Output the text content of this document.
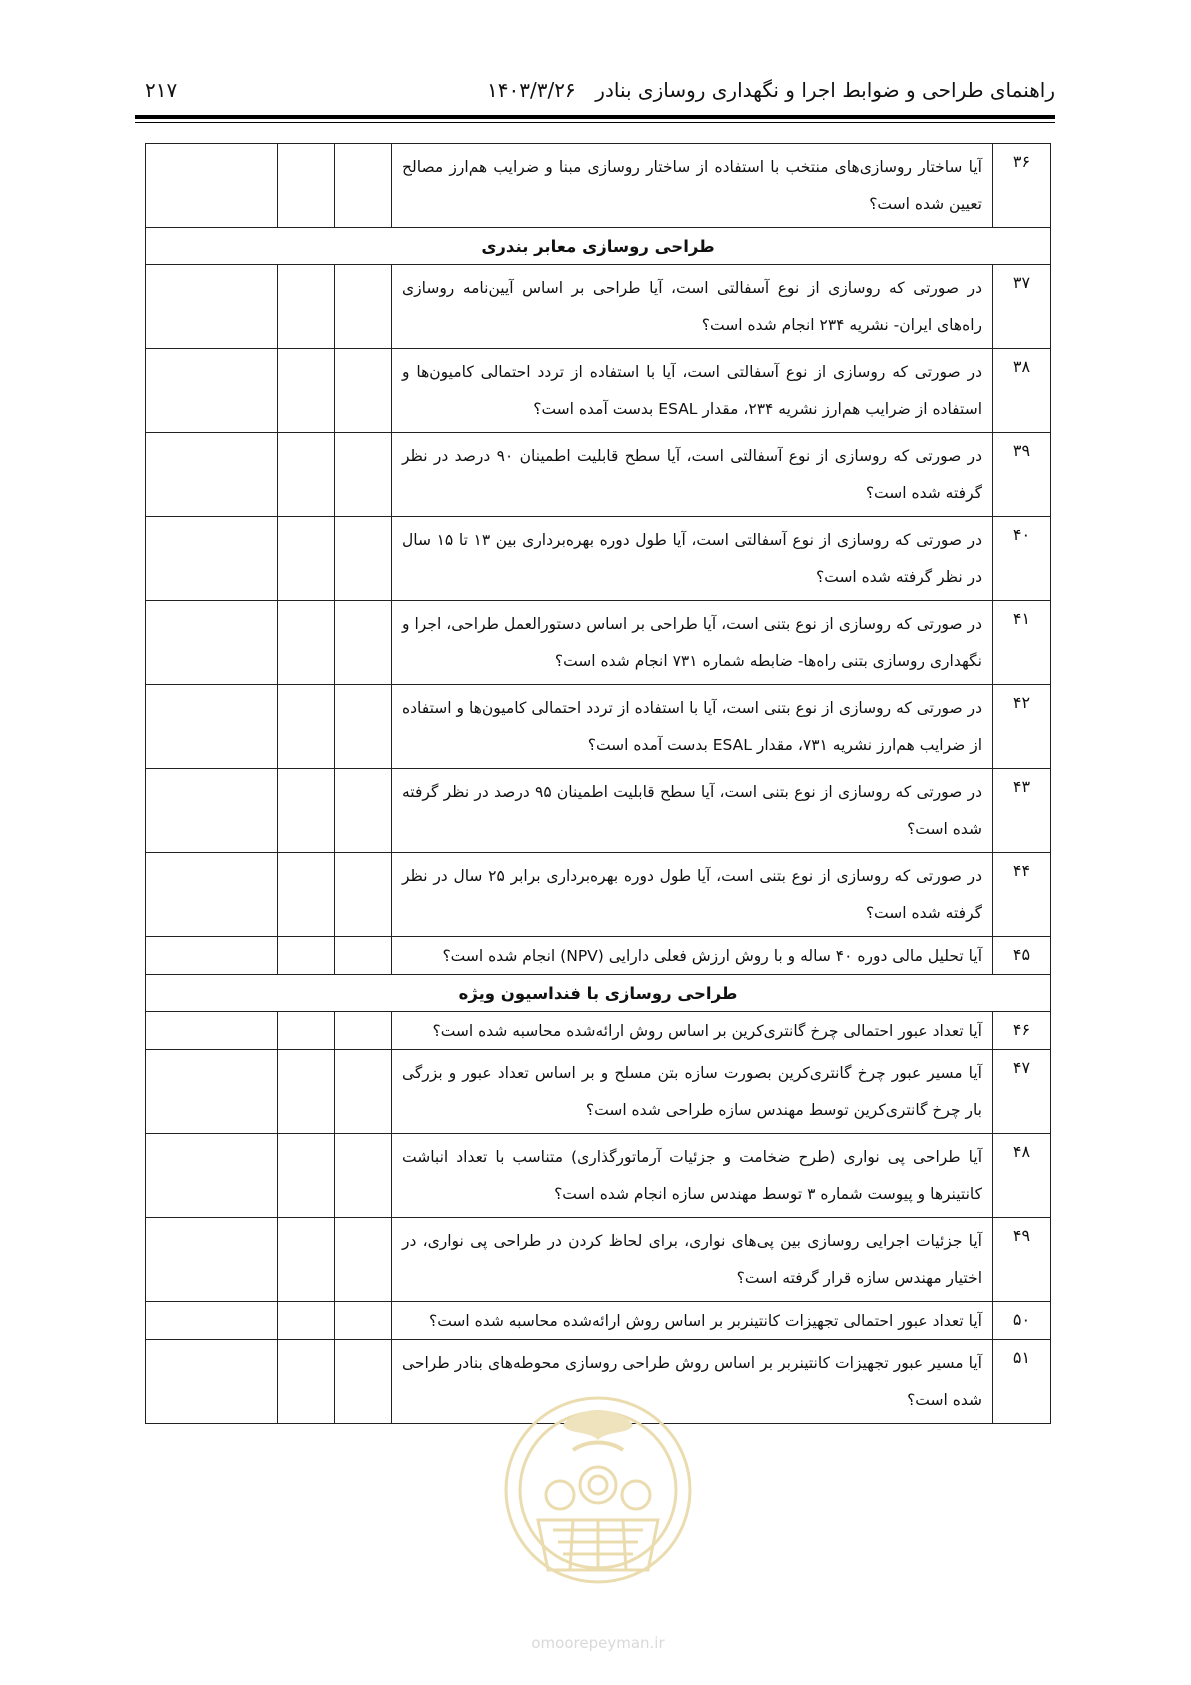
راهنمای طراحی و ضوابط اجرا و نگهداری روسازی بنادر
۱۴۰۳/۳/۲۶
۲۱۷
۳۶	آیا ساختار روسازی‌های منتخب با استفاده از ساختار روسازی مبنا و ضرایب هم‌ارز مصالح تعیین شده است؟			
طراحی روسازی معابر بندری				
۳۷	در صورتی که روسازی از نوع آسفالتی است، آیا طراحی بر اساس آیین‌نامه روسازی راه‌های ایران- نشریه ۲۳۴ انجام شده است؟			
۳۸	در صورتی که روسازی از نوع آسفالتی است، آیا با استفاده از تردد احتمالی کامیون‌ها و استفاده از ضرایب هم‌ارز نشریه ۲۳۴، مقدار ESAL بدست آمده است؟			
۳۹	در صورتی که روسازی از نوع آسفالتی است، آیا سطح قابلیت اطمینان ۹۰ درصد در نظر گرفته شده است؟			
۴۰	در صورتی که روسازی از نوع آسفالتی است، آیا طول دوره بهره‌برداری بین ۱۳ تا ۱۵ سال در نظر گرفته شده است؟			
۴۱	در صورتی که روسازی از نوع بتنی است، آیا طراحی بر اساس دستورالعمل طراحی، اجرا و نگهداری روسازی بتنی راه‌ها- ضابطه شماره ۷۳۱ انجام شده است؟			
۴۲	در صورتی که روسازی از نوع بتنی است، آیا با استفاده از تردد احتمالی کامیون‌ها و استفاده از ضرایب هم‌ارز نشریه ۷۳۱، مقدار ESAL بدست آمده است؟			
۴۳	در صورتی که روسازی از نوع بتنی است، آیا سطح قابلیت اطمینان ۹۵ درصد در نظر گرفته شده است؟			
۴۴	در صورتی که روسازی از نوع بتنی است، آیا طول دوره بهره‌برداری برابر ۲۵ سال در نظر گرفته شده است؟			
۴۵	آیا تحلیل مالی دوره ۴۰ ساله و با روش ارزش فعلی دارایی (NPV) انجام شده است؟			
طراحی روسازی با فنداسیون ویژه				
۴۶	آیا تعداد عبور احتمالی چرخ گانتری‌کرین بر اساس روش ارائه‌شده محاسبه شده است؟			
۴۷	آیا مسیر عبور چرخ گانتری‌کرین بصورت سازه بتن مسلح و بر اساس تعداد عبور و بزرگی بار چرخ گانتری‌کرین توسط مهندس سازه طراحی شده است؟			
۴۸	آیا طراحی پی نواری (طرح ضخامت و جزئیات آرماتورگذاری) متناسب با تعداد انباشت کانتینرها و پیوست شماره ۳ توسط مهندس سازه انجام شده است؟			
۴۹	آیا جزئیات اجرایی روسازی بین پی‌های نواری، برای لحاظ کردن در طراحی پی نواری، در اختیار مهندس سازه قرار گرفته است؟			
۵۰	آیا تعداد عبور احتمالی تجهیزات کانتینربر بر اساس روش ارائه‌شده محاسبه شده است؟			
۵۱	آیا مسیر عبور تجهیزات کانتینربر بر اساس روش طراحی روسازی محوطه‌های بنادر طراحی شده است؟			
omoorepeyman.ir
